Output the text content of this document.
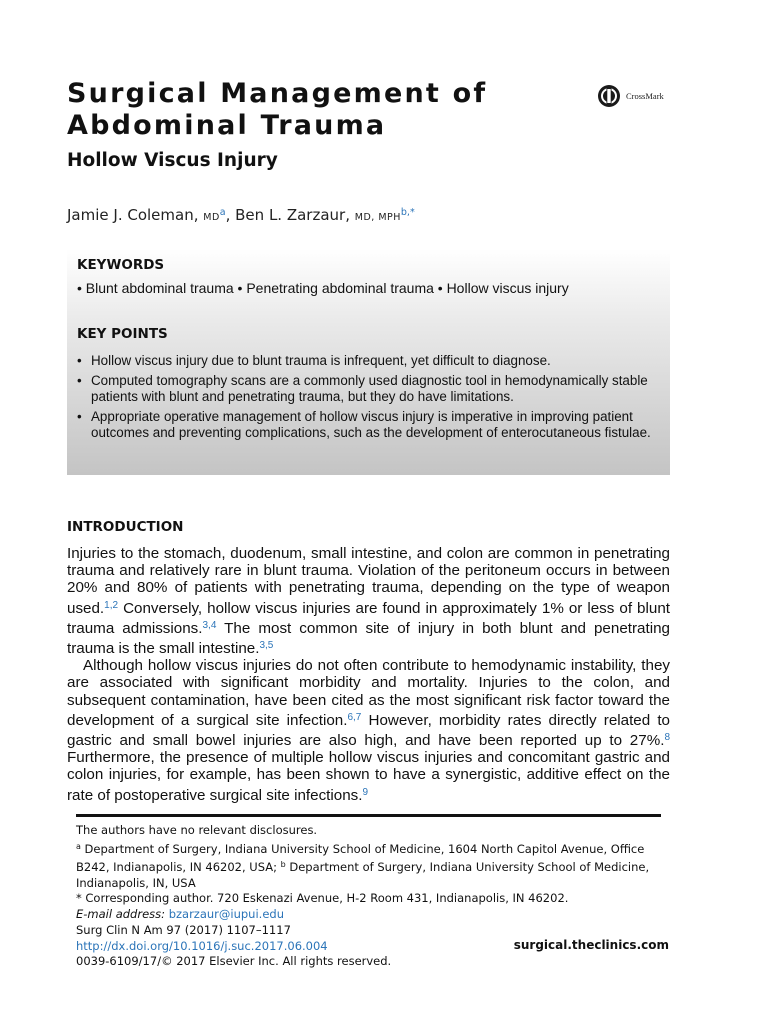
Surgical Management of Abdominal Trauma
CrossMark
Hollow Viscus Injury
Jamie J. Coleman, $MD^a$, Ben L. Zarzaur, MD, $MPH^{b,*}$
KEYWORDS
• Blunt abdominal trauma • Penetrating abdominal trauma • Hollow viscus injury
KEY POINTS
• Hollow viscus injury due to blunt trauma is infrequent, yet difficult to diagnose.
• Computed tomography scans are a commonly used diagnostic tool in hemodynamically stable patients with blunt and penetrating trauma, but they do have limitations.
• Appropriate operative management of hollow viscus injury is imperative in improving patient outcomes and preventing complications, such as the development of enterocutaneous fistulae.
INTRODUCTION

Injuries to the stomach, duodenum, small intestine, and colon are common in penetrating trauma and relatively rare in blunt trauma. Violation of the peritoneum occurs in between 20% and 80% of patients with penetrating trauma, depending on the type of weapon used.$^{1,2}$ Conversely, hollow viscus injuries are found in approximately 1% or less of blunt trauma admissions.$^{3,4}$ The most common site of injury in both blunt and penetrating trauma is the small intestine.$^{3,5}$

Although hollow viscus injuries do not often contribute to hemodynamic instability, they are associated with significant morbidity and mortality. Injuries to the colon, and subsequent contamination, have been cited as the most significant risk factor toward the development of a surgical site infection.$^{6,7}$ However, morbidity rates directly related to gastric and small bowel injuries are also high, and have been reported up to 27%.$^8$ Furthermore, the presence of multiple hollow viscus injuries and concomitant gastric and colon injuries, for example, has been shown to have a synergistic, additive effect on the rate of postoperative surgical site infections.$^9$

The authors have no relevant disclosures.

$^a$ Department of Surgery, Indiana University School of Medicine, 1604 North Capitol Avenue, Office B242, Indianapolis, IN 46202, USA; $^b$ Department of Surgery, Indiana University School of Medicine, Indianapolis, IN, USA

* Corresponding author. 720 Eskenazi Avenue, H-2 Room 431, Indianapolis, IN 46202.

E-mail address: bzarzaur@iupui.edu

Surg Clin N Am 97 (2017) 1107–1117

http://dx.doi.org/10.1016/j.suc.2017.06.004

0039-6109/17/© 2017 Elsevier Inc. All rights reserved.

surgical.theclinics.com
